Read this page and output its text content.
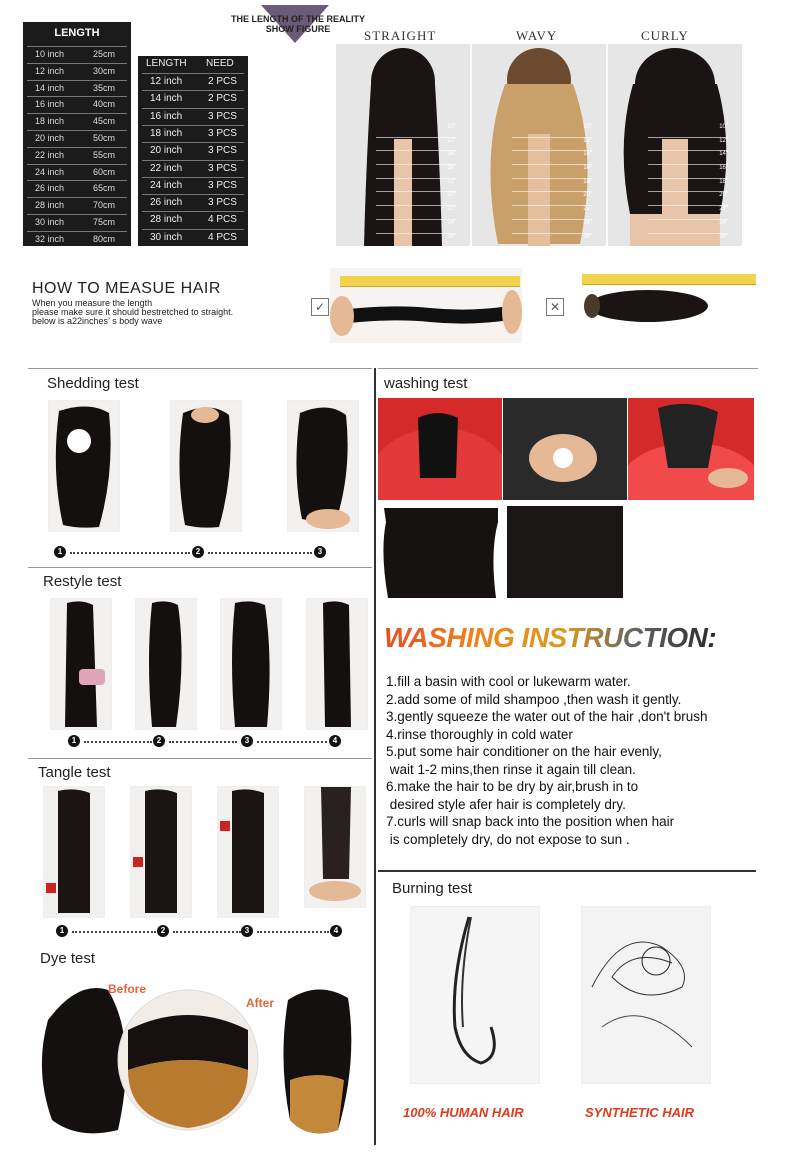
LENGTH
10 inch	25cm
12 inch	30cm
14 inch	35cm
16 inch	40cm
18 inch	45cm
20 inch	50cm
22 inch	55cm
24 inch	60cm
26 inch	65cm
28 inch	70cm
30 inch	75cm
32 inch	80cm
LENGTH NEED
12 inch	2 PCS
14 inch	2 PCS
16 inch	3 PCS
18 inch	3 PCS
20 inch	3 PCS
22 inch	3 PCS
24 inch	3 PCS
26 inch	3 PCS
28 inch	4 PCS
30 inch	4 PCS
THE LENGTH OF THE REALITY
SHOW FIGURE	STRAIGHT	WAVY	CURLY
10"
12"
14"
16"
18"
20"
22"
24"
26"
10"
12"
14"
16"
18"
20"
22"
24"
26"
10"
12"
14"
16"
18"
20"
22"
24"
26"
HOW TO MEASUE HAIR
When you measure the length
please make sure it should bestretched to straight.
below is a22inches’ s body wave
✓	✕
Shedding test
1	2	3
Restyle test
1	2	3	4
Tangle test
1	2	3	4
Dye test
Before
After
washing test
WASHING INSTRUCTION:
1.fill a basin with cool or lukewarm water.
2.add some of mild shampoo ,then wash it gently.
3.gently squeeze the water out of the hair ,don't brush
4.rinse thoroughly in cold water
5.put some hair conditioner on the hair evenly,
wait 1-2 mins,then rinse it again till clean.
6.make the hair to be dry by air,brush in to
desired style afer hair is completely dry.
7.curls will snap back into the position when hair
is completely dry, do not expose to sun .
Burning test
100% HUMAN HAIR	SYNTHETIC HAIR
